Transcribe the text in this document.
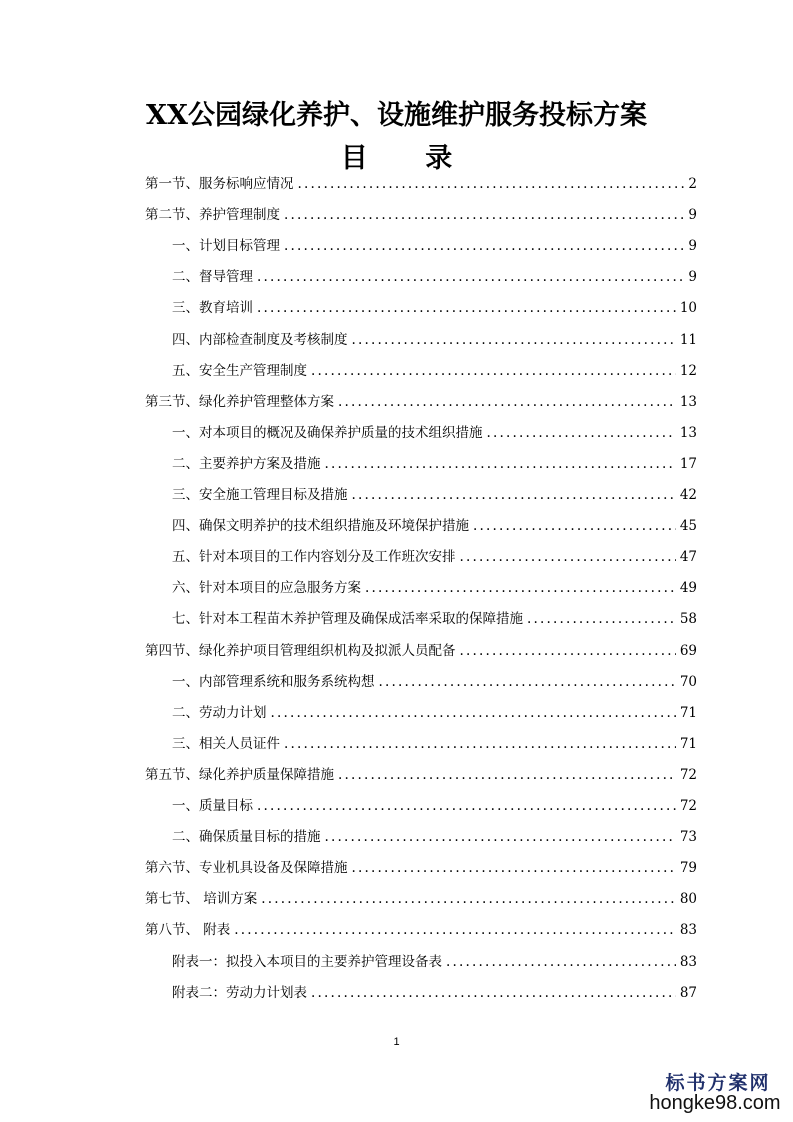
XX公园绿化养护、设施维护服务投标方案
目 录
第一节、服务标响应情况 .....	2
第二节、养护管理制度 .....	9
一、计划目标管理 .....	9
二、督导管理 .....	9
三、教育培训 .....	10
四、内部检查制度及考核制度 .....	11
五、安全生产管理制度 .....	12
第三节、绿化养护管理整体方案 .....	13
一、对本项目的概况及确保养护质量的技术组织措施 .....	13
二、主要养护方案及措施 .....	17
三、安全施工管理目标及措施 .....	42
四、确保文明养护的技术组织措施及环境保护措施 .....	45
五、针对本项目的工作内容划分及工作班次安排 .....	47
六、针对本项目的应急服务方案 .....	49
七、针对本工程苗木养护管理及确保成活率采取的保障措施 .....	58
第四节、绿化养护项目管理组织机构及拟派人员配备 .....	69
一、内部管理系统和服务系统构想 .....	70
二、劳动力计划 .....	71
三、相关人员证件 .....	71
第五节、绿化养护质量保障措施 .....	72
一、质量目标 .....	72
二、确保质量目标的措施 .....	73
第六节、专业机具设备及保障措施 .....	79
第七节、 培训方案 .....	80
第八节、 附表 .....	83
附表一：拟投入本项目的主要养护管理设备表 .....	83
附表二：劳动力计划表 .....	87
1
标书方案网
hongke98.com
